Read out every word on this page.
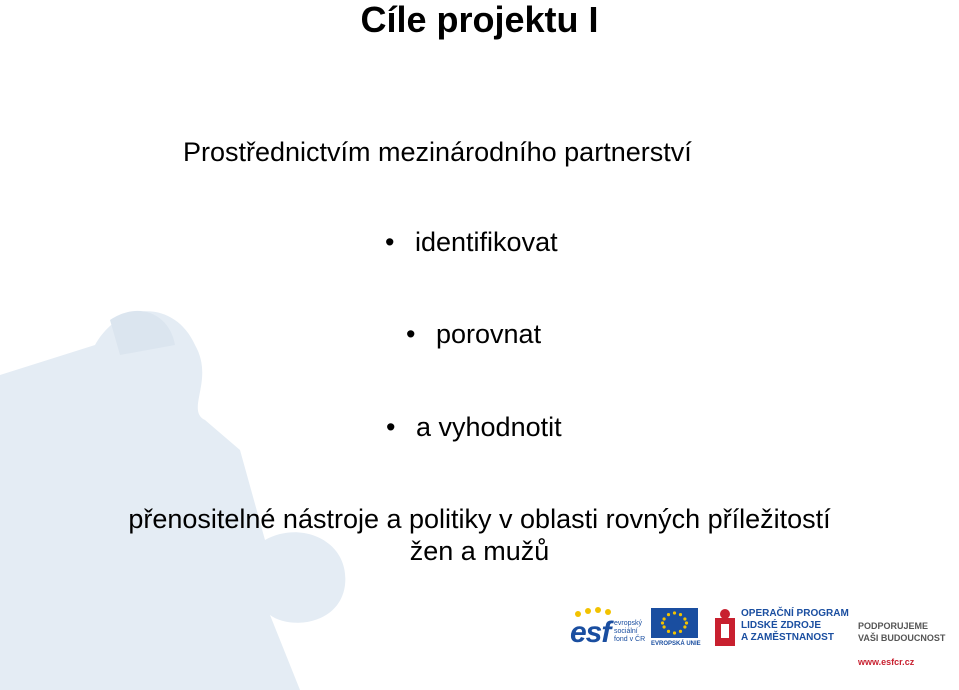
Cíle projektu I
Prostřednictvím mezinárodního partnerství
• identifikovat
• porovnat
• a vyhodnotit
přenositelné nástroje a politiky v oblasti rovných příležitostí
žen a mužů
esf evropský sociální fond v ČR
EVROPSKÁ UNIE
OPERAČNÍ PROGRAM
LIDSKÉ ZDROJE
A ZAMĚSTNANOST

PODPORUJEME
VAŠI BUDOUCNOST

www.esfcr.cz
